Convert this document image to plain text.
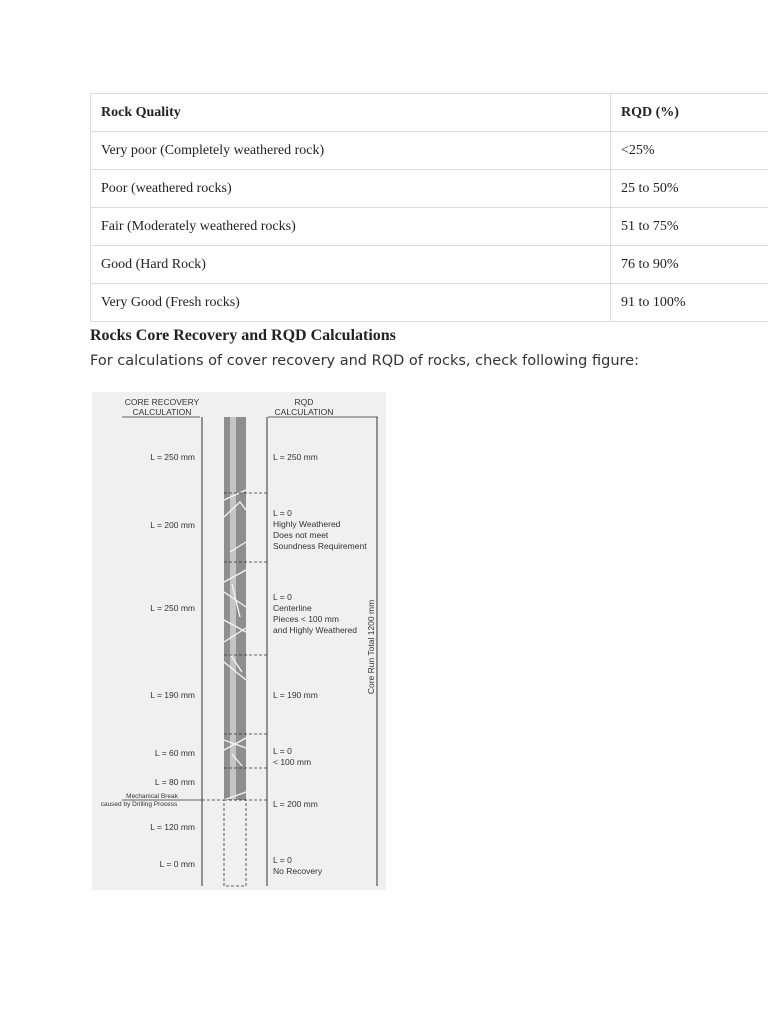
Rock Quality	RQD (%)
Very poor (Completely weathered rock)	<25%
Poor (weathered rocks)	25 to 50%
Fair (Moderately weathered rocks)	51 to 75%
Good (Hard Rock)	76 to 90%
Very Good (Fresh rocks)	91 to 100%
Rocks Core Recovery and RQD Calculations

For calculations of cover recovery and RQD of rocks, check following figure:

CORE RECOVERY
CALCULATION
RQD
CALCULATION
L = 250 mm
L = 200 mm
L = 250 mm
L = 190 mm
L = 60 mm
L = 80 mm
L = 120 mm
L = 0 mm
Mechanical Break
caused by Drilling Process
L = 250 mm
L = 0
Highly Weathered
Does not meet
Soundness Requirement
L = 0
Centerline
Pieces < 100 mm
and Highly Weathered
L = 190 mm
L = 0
< 100 mm
L = 200 mm
L = 0
No Recovery
Core Run Total 1200 mm
